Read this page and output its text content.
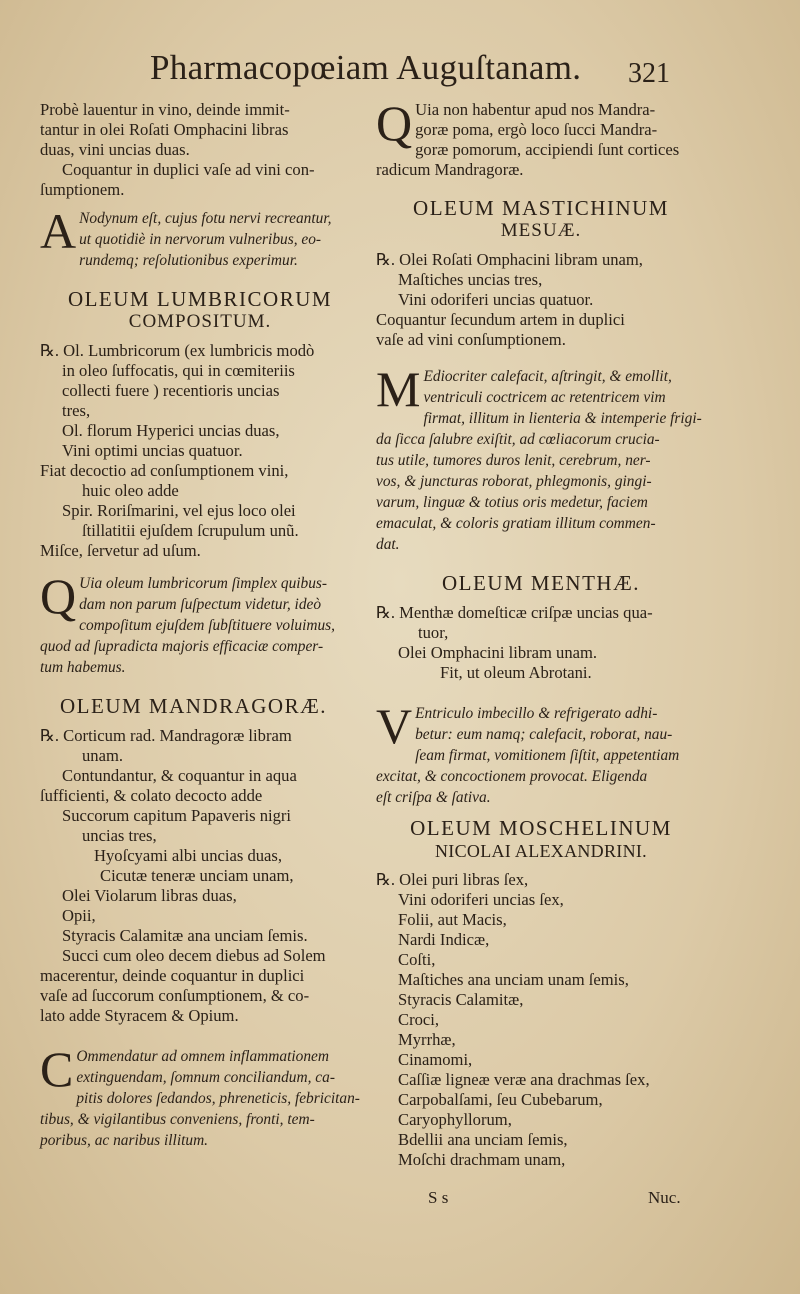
Pharmacopœiam Auguſtanam. 321

Probè lauentur in vino, deinde immit-

tantur in olei Roſati Omphacini libras

duas, vini uncias duas.

Coquantur in duplici vaſe ad vini con-

ſumptionem.

A Nodynum eſt, cujus fotu nervi recreantur,

ut quotidiè in nervorum vulneribus, eo-

rundemq; reſolutionibus experimur.

OLEUM LUMBRICORUM

COMPOSITUM.

℞. Ol. Lumbricorum (ex lumbricis modò

in oleo ſuffocatis, qui in cœmiteriis

collecti fuere ) recentioris uncias

tres,

Ol. florum Hyperici uncias duas,

Vini optimi uncias quatuor.

Fiat decoctio ad conſumptionem vini,

huic oleo adde

Spir. Roriſmarini, vel ejus loco olei

ſtillatitii ejuſdem ſcrupulum unũ.

Miſce, ſervetur ad uſum.

Q Uia oleum lumbricorum ſimplex quibus-

dam non parum ſuſpectum videtur, ideò

compoſitum ejuſdem ſubſtituere voluimus,

quod ad ſupradicta majoris efficaciæ comper-

tum habemus.

OLEUM MANDRAGORÆ.

℞. Corticum rad. Mandragoræ libram

unam.

Contundantur, & coquantur in aqua

ſufficienti, & colato decocto adde

Succorum capitum Papaveris nigri

uncias tres,

Hyoſcyami albi uncias duas,

Cicutæ teneræ unciam unam,

Olei Violarum libras duas,

Opii,

Styracis Calamitæ ana unciam ſemis.

Succi cum oleo decem diebus ad Solem

macerentur, deinde coquantur in duplici

vaſe ad ſuccorum conſumptionem, & co-

lato adde Styracem & Opium.

C Ommendatur ad omnem inflammationem

extinguendam, ſomnum conciliandum, ca-

pitis dolores ſedandos, phreneticis, febricitan-

tibus, & vigilantibus conveniens, fronti, tem-

poribus, ac naribus illitum.

Q Uia non habentur apud nos Mandra-

goræ poma, ergò loco ſucci Mandra-

goræ pomorum, accipiendi ſunt cortices

radicum Mandragoræ.

OLEUM MASTICHINUM

MESUÆ.

℞. Olei Roſati Omphacini libram unam,

Maſtiches uncias tres,

Vini odoriferi uncias quatuor.

Coquantur ſecundum artem in duplici

vaſe ad vini conſumptionem.

M Ediocriter calefacit, aſtringit, & emollit,

ventriculi coctricem ac retentricem vim

firmat, illitum in lienteria & intemperie frigi-

da ſicca ſalubre exiſtit, ad cœliacorum crucia-

tus utile, tumores duros lenit, cerebrum, ner-

vos, & juncturas roborat, phlegmonis, gingi-

varum, linguæ & totius oris medetur, faciem

emaculat, & coloris gratiam illitum commen-

dat.

OLEUM MENTHÆ.

℞. Menthæ domeſticæ criſpæ uncias qua-

tuor,

Olei Omphacini libram unam.

Fit, ut oleum Abrotani.

V Entriculo imbecillo & refrigerato adhi-

betur: eum namq; calefacit, roborat, nau-

ſeam firmat, vomitionem ſiſtit, appetentiam

excitat, & concoctionem provocat. Eligenda

eſt criſpa & ſativa.

OLEUM MOSCHELINUM

NICOLAI ALEXANDRINI.

℞. Olei puri libras ſex,

Vini odoriferi uncias ſex,

Folii, aut Macis,

Nardi Indicæ,

Coſti,

Maſtiches ana unciam unam ſemis,

Styracis Calamitæ,

Croci,

Myrrhæ,

Cinamomi,

Caſſiæ ligneæ veræ ana drachmas ſex,

Carpobalſami, ſeu Cubebarum,

Caryophyllorum,

Bdellii ana unciam ſemis,

Moſchi drachmam unam,

S s	Nuc.
